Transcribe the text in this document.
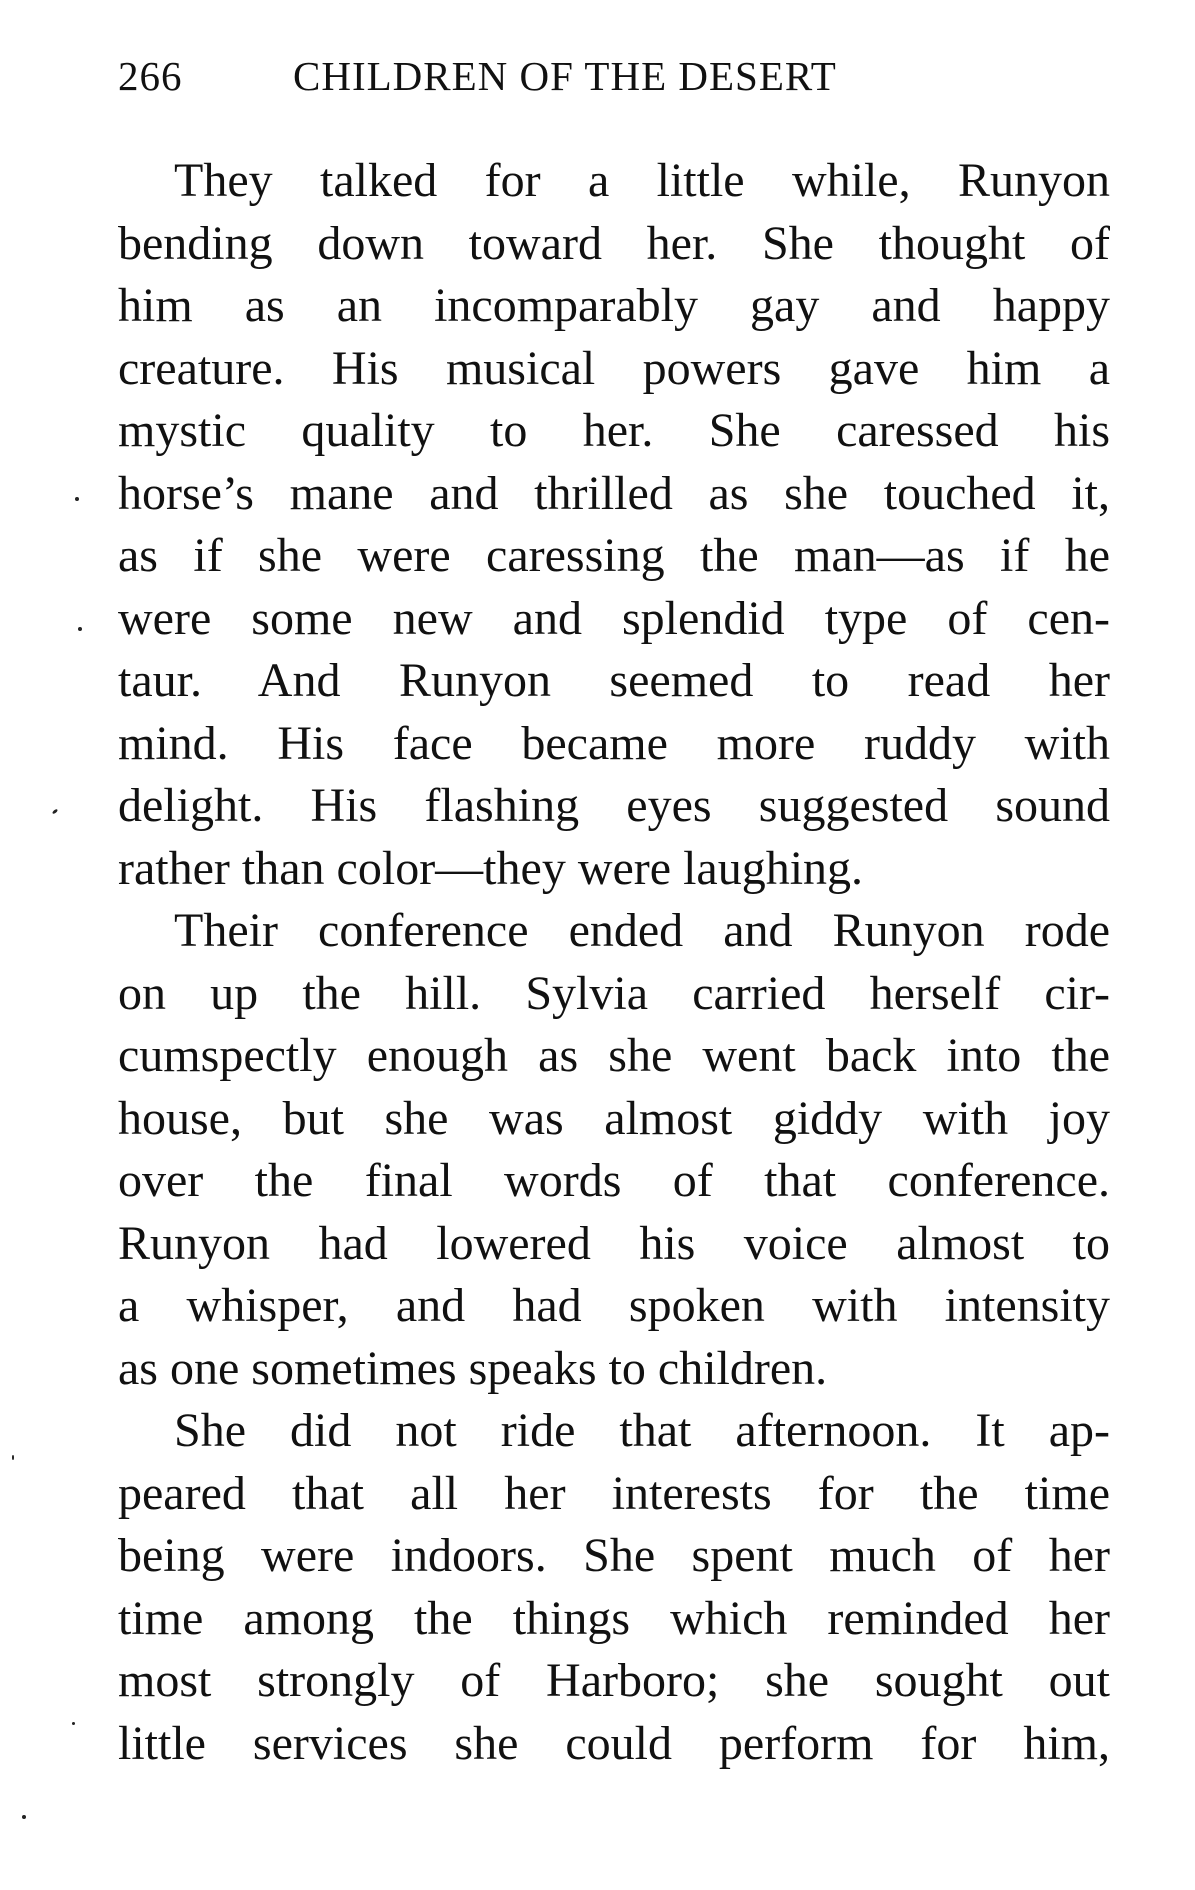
266	CHILDREN OF THE DESERT
They talked for a little while, Runyon
bending down toward her. She thought of
him as an incomparably gay and happy
creature. His musical powers gave him a
mystic quality to her. She caressed his
horse’s mane and thrilled as she touched it,
as if she were caressing the man—as if he
were some new and splendid type of cen-
taur. And Runyon seemed to read her
mind. His face became more ruddy with
delight. His flashing eyes suggested sound
rather than color—they were laughing.
Their conference ended and Runyon rode
on up the hill. Sylvia carried herself cir-
cumspectly enough as she went back into the
house, but she was almost giddy with joy
over the final words of that conference.
Runyon had lowered his voice almost to
a whisper, and had spoken with intensity
as one sometimes speaks to children.
She did not ride that afternoon. It ap-
peared that all her interests for the time
being were indoors. She spent much of her
time among the things which reminded her
most strongly of Harboro; she sought out
little services she could perform for him,
